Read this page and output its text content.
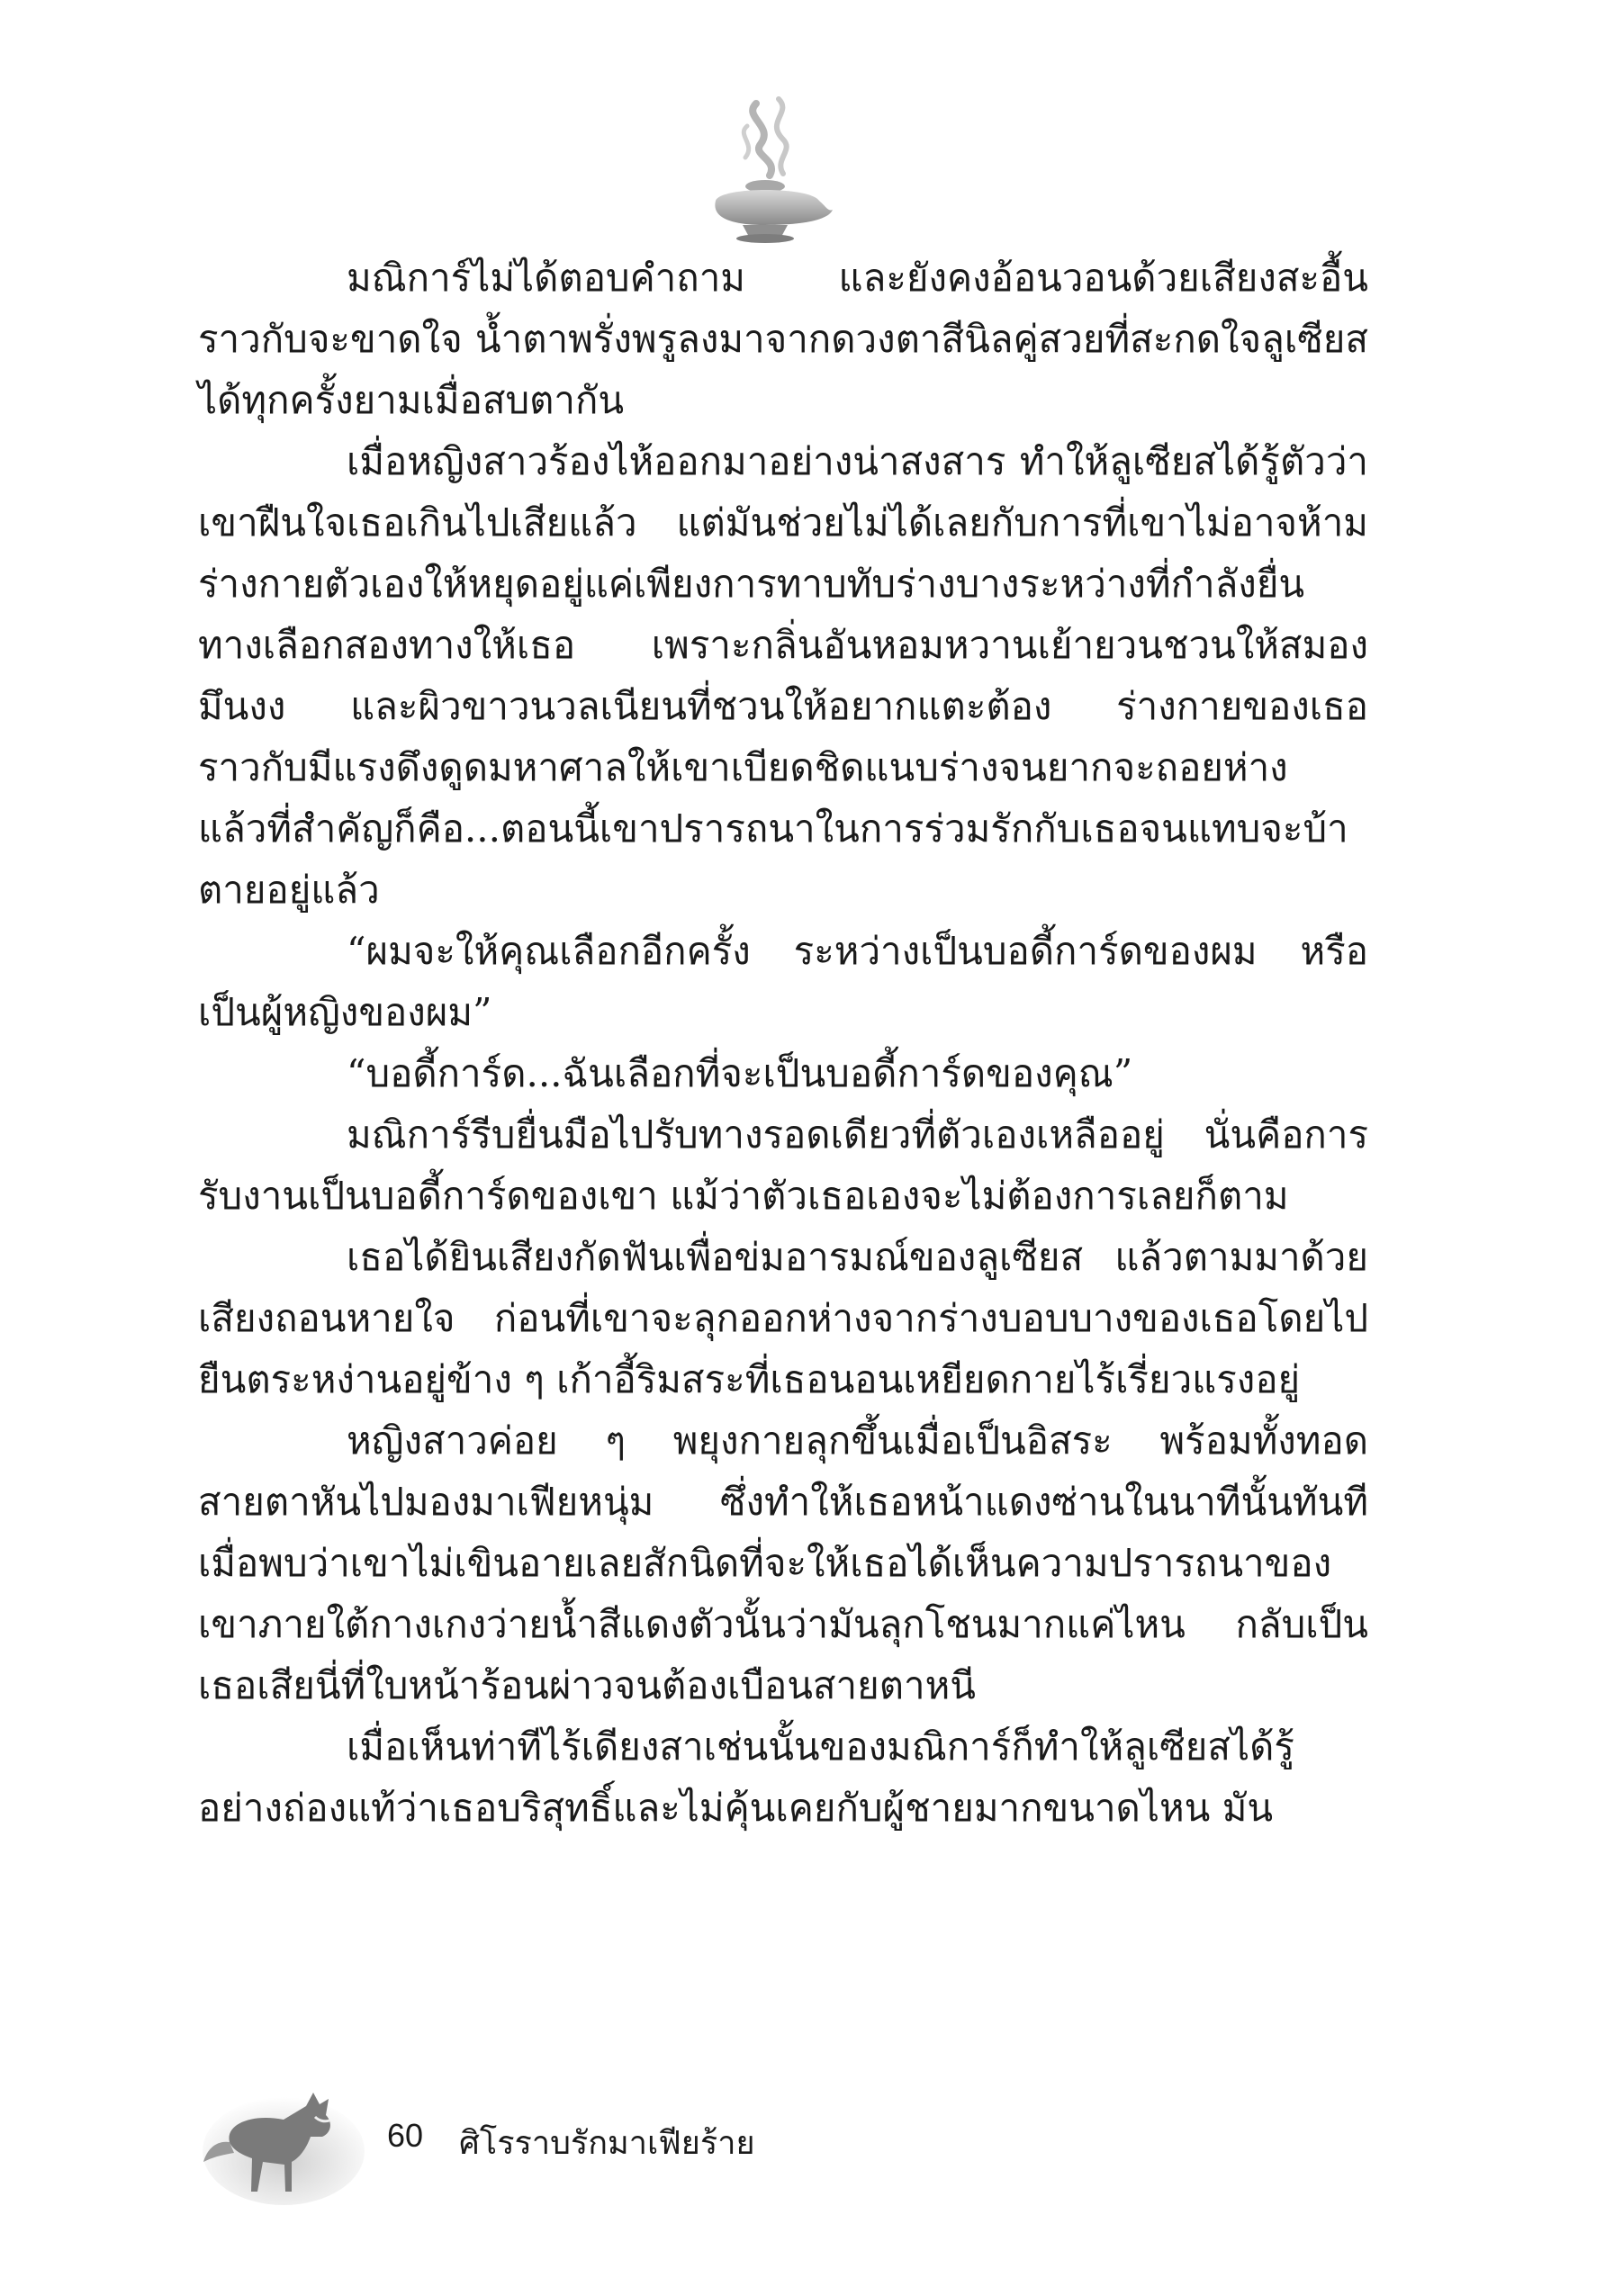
มณิการ์ไม่ได้ตอบคำถาม และยังคงอ้อนวอนด้วยเสียงสะอื้นราวกับจะขาดใจ น้ำตาพรั่งพรูลงมาจากดวงตาสีนิลคู่สวยที่สะกดใจลูเซียสได้ทุกครั้งยามเมื่อสบตากัน

เมื่อหญิงสาวร้องไห้ออกมาอย่างน่าสงสาร ทำให้ลูเซียสได้รู้ตัวว่าเขาฝืนใจเธอเกินไปเสียแล้ว แต่มันช่วยไม่ได้เลยกับการที่เขาไม่อาจห้ามร่างกายตัวเองให้หยุดอยู่แค่เพียงการทาบทับร่างบางระหว่างที่กำลังยื่นทางเลือกสองทางให้เธอ เพราะกลิ่นอันหอมหวานเย้ายวนชวนให้สมองมึนงง และผิวขาวนวลเนียนที่ชวนให้อยากแตะต้อง ร่างกายของเธอราวกับมีแรงดึงดูดมหาศาลให้เขาเบียดชิดแนบร่างจนยากจะถอยห่าง แล้วที่สำคัญก็คือ...ตอนนี้เขาปรารถนาในการร่วมรักกับเธอจนแทบจะบ้าตายอยู่แล้ว

“ผมจะให้คุณเลือกอีกครั้ง ระหว่างเป็นบอดี้การ์ดของผม หรือเป็นผู้หญิงของผม”

“บอดี้การ์ด...ฉันเลือกที่จะเป็นบอดี้การ์ดของคุณ”

มณิการ์รีบยื่นมือไปรับทางรอดเดียวที่ตัวเองเหลืออยู่ นั่นคือการรับงานเป็นบอดี้การ์ดของเขา แม้ว่าตัวเธอเองจะไม่ต้องการเลยก็ตาม

เธอได้ยินเสียงกัดฟันเพื่อข่มอารมณ์ของลูเซียส แล้วตามมาด้วยเสียงถอนหายใจ ก่อนที่เขาจะลุกออกห่างจากร่างบอบบางของเธอโดยไปยืนตระหง่านอยู่ข้าง ๆ เก้าอี้ริมสระที่เธอนอนเหยียดกายไร้เรี่ยวแรงอยู่

หญิงสาวค่อย ๆ พยุงกายลุกขึ้นเมื่อเป็นอิสระ พร้อมทั้งทอดสายตาหันไปมองมาเฟียหนุ่ม ซึ่งทำให้เธอหน้าแดงซ่านในนาทีนั้นทันที เมื่อพบว่าเขาไม่เขินอายเลยสักนิดที่จะให้เธอได้เห็นความปรารถนาของเขาภายใต้กางเกงว่ายน้ำสีแดงตัวนั้นว่ามันลุกโชนมากแค่ไหน กลับเป็นเธอเสียนี่ที่ใบหน้าร้อนผ่าวจนต้องเบือนสายตาหนี

เมื่อเห็นท่าทีไร้เดียงสาเช่นนั้นของมณิการ์ก็ทำให้ลูเซียสได้รู้อย่างถ่องแท้ว่าเธอบริสุทธิ์และไม่คุ้นเคยกับผู้ชายมากขนาดไหน มัน

60 ศิโรราบรักมาเฟียร้าย
